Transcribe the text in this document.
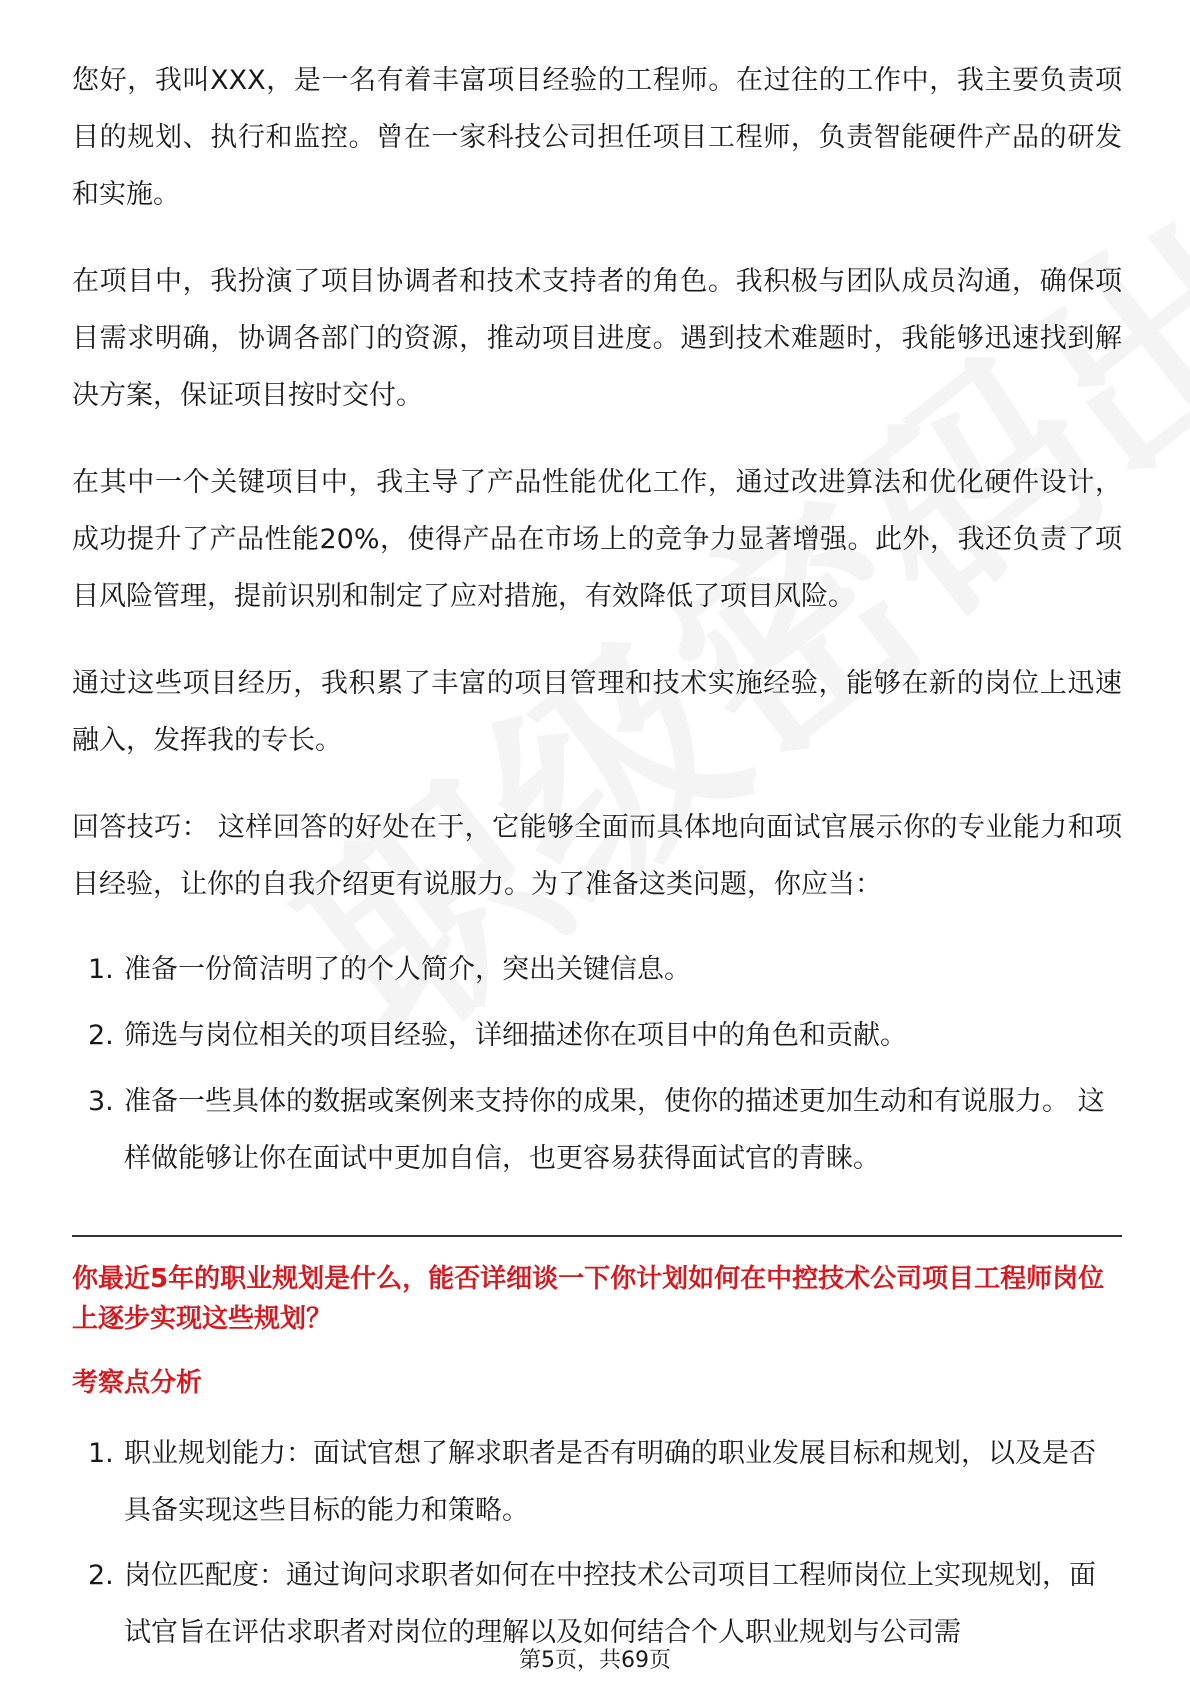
您好，我叫XXX，是一名有着丰富项目经验的工程师。在过往的工作中，我主要负责项目的规划、执行和监控。曾在一家科技公司担任项目工程师，负责智能硬件产品的研发和实施。

在项目中，我扮演了项目协调者和技术支持者的角色。我积极与团队成员沟通，确保项目需求明确，协调各部门的资源，推动项目进度。遇到技术难题时，我能够迅速找到解决方案，保证项目按时交付。

在其中一个关键项目中，我主导了产品性能优化工作，通过改进算法和优化硬件设计，成功提升了产品性能20%，使得产品在市场上的竞争力显著增强。此外，我还负责了项目风险管理，提前识别和制定了应对措施，有效降低了项目风险。

通过这些项目经历，我积累了丰富的项目管理和技术实施经验，能够在新的岗位上迅速融入，发挥我的专长。

回答技巧： 这样回答的好处在于，它能够全面而具体地向面试官展示你的专业能力和项目经验，让你的自我介绍更有说服力。为了准备这类问题，你应当：

1. 准备一份简洁明了的个人简介，突出关键信息。
2. 筛选与岗位相关的项目经验，详细描述你在项目中的角色和贡献。
3. 准备一些具体的数据或案例来支持你的成果，使你的描述更加生动和有说服力。 这样做能够让你在面试中更加自信，也更容易获得面试官的青睐。
你最近5年的职业规划是什么，能否详细谈一下你计划如何在中控技术公司项目工程师岗位上逐步实现这些规划？
考察点分析
1. 职业规划能力：面试官想了解求职者是否有明确的职业发展目标和规划，以及是否具备实现这些目标的能力和策略。
2. 岗位匹配度：通过询问求职者如何在中控技术公司项目工程师岗位上实现规划，面试官旨在评估求职者对岗位的理解以及如何结合个人职业规划与公司需
第5页，共69页
